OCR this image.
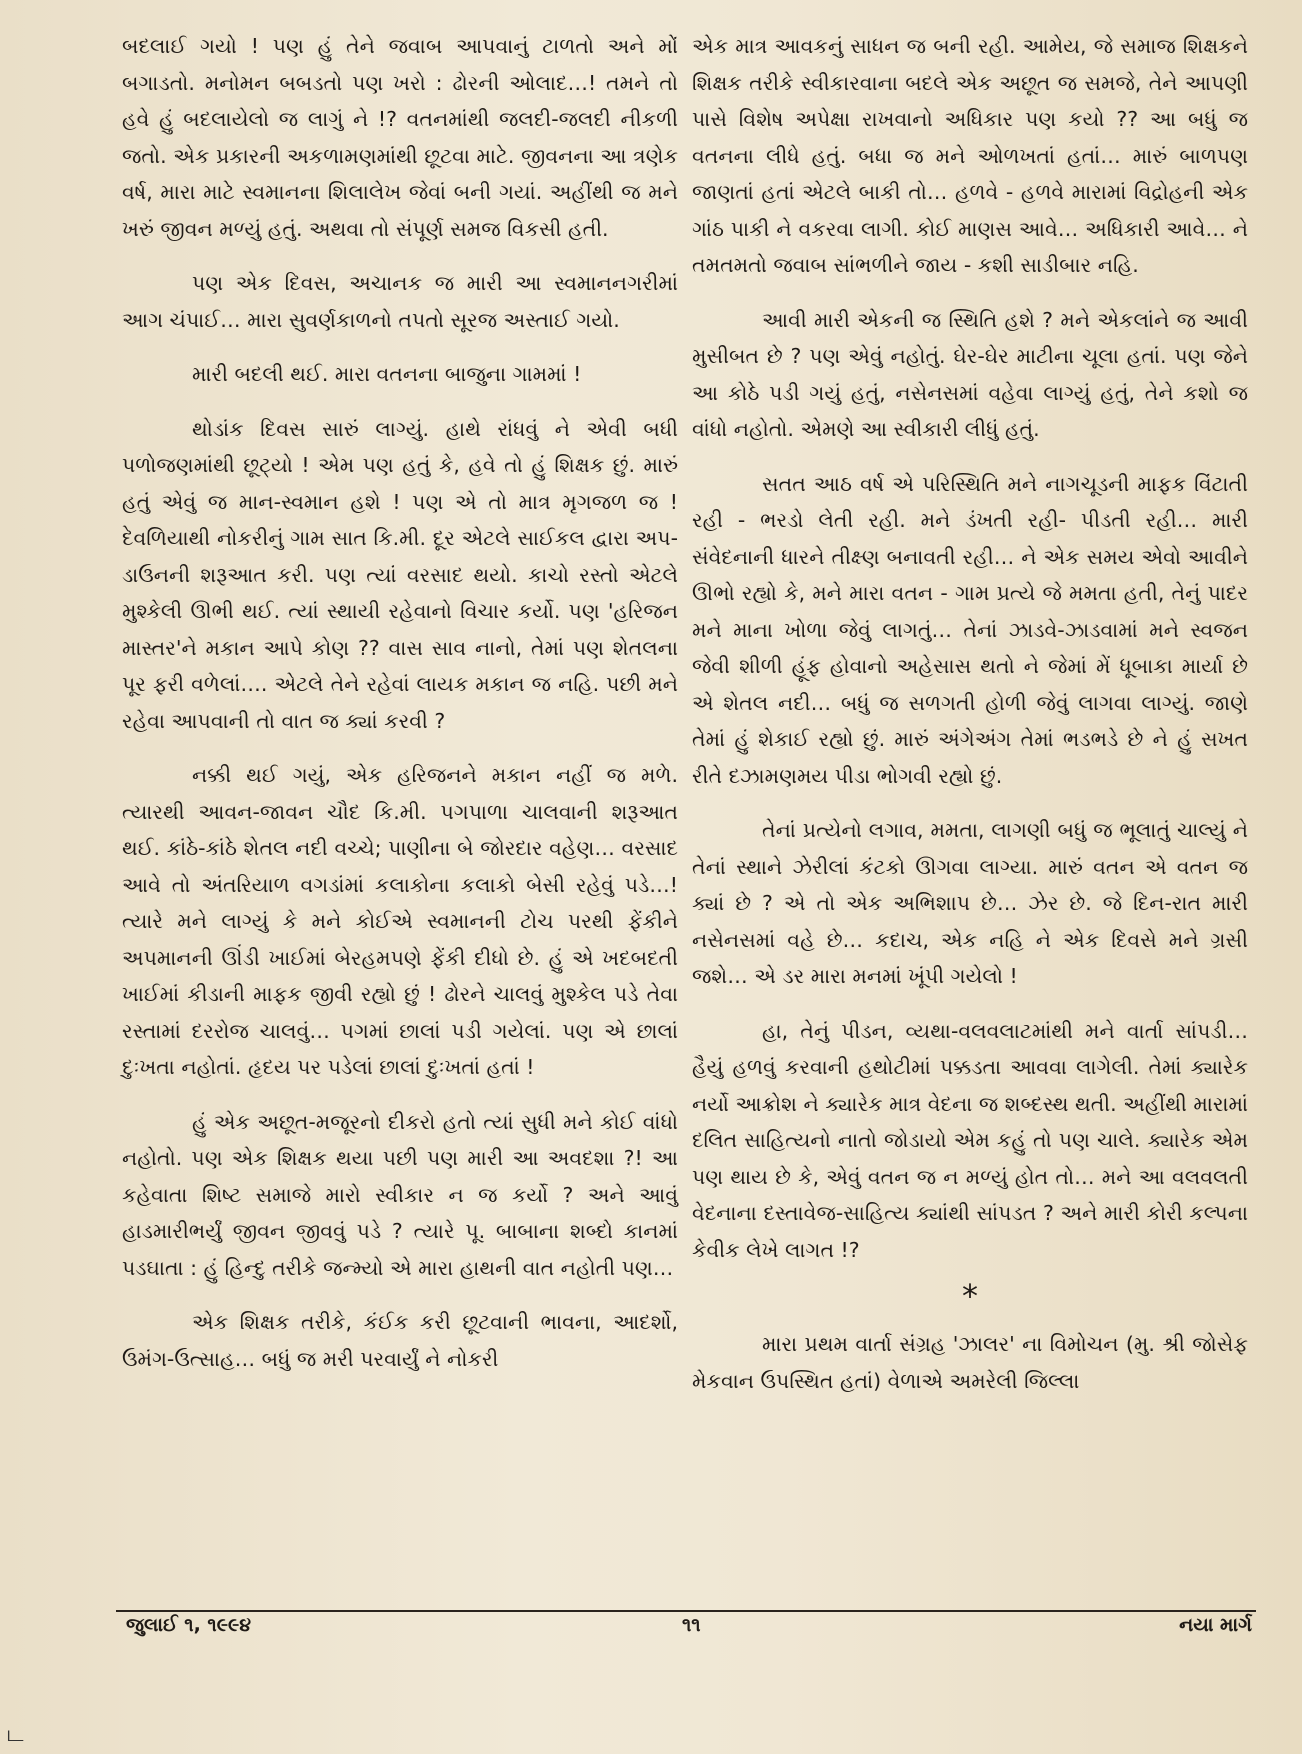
બદલાઈ ગયો ! પણ હું તેને જવાબ આપવાનું ટાળતો અને મોં બગાડતો. મનોમન બબડતો પણ ખરો : ઢોરની ઓલાદ…! તમને તો હવે હું બદલાયેલો જ લાગું ને !? વતનમાંથી જલદી-જલદી નીકળી જતો. એક પ્રકારની અકળામણમાંથી છૂટવા માટે. જીવનના આ ત્રણેક વર્ષ, મારા માટે સ્વમાનના શિલાલેખ જેવાં બની ગયાં. અહીંથી જ મને ખરું જીવન મળ્યું હતું. અથવા તો સંપૂર્ણ સમજ વિકસી હતી.

પણ એક દિવસ, અચાનક જ મારી આ સ્વમાનનગરીમાં આગ ચંપાઈ… મારા સુવર્ણકાળનો તપતો સૂરજ અસ્તાઈ ગયો.

મારી બદલી થઈ. મારા વતનના બાજુના ગામમાં !

થોડાંક દિવસ સારું લાગ્યું. હાથે રાંધવું ને એવી બધી પળોજણમાંથી છૂટ્યો ! એમ પણ હતું કે, હવે તો હું શિક્ષક છું. મારું હતું એવું જ માન-સ્વમાન હશે ! પણ એ તો માત્ર મૃગજળ જ ! દેવળિયાથી નોકરીનું ગામ સાત કિ.મી. દૂર એટલે સાઈકલ દ્વારા અપ-ડાઉનની શરૂઆત કરી. પણ ત્યાં વરસાદ થયો. કાચો રસ્તો એટલે મુશ્કેલી ઊભી થઈ. ત્યાં સ્થાયી રહેવાનો વિચાર કર્યો. પણ 'હરિજન માસ્તર'ને મકાન આપે કોણ ?? વાસ સાવ નાનો, તેમાં પણ શેતલના પૂર ફરી વળેલાં…. એટલે તેને રહેવાં લાયક મકાન જ નહિ. પછી મને રહેવા આપવાની તો વાત જ ક્યાં કરવી ?

નક્કી થઈ ગયું, એક હરિજનને મકાન નહીં જ મળે. ત્યારથી આવન-જાવન ચૌદ કિ.મી. પગપાળા ચાલવાની શરૂઆત થઈ. કાંઠે-કાંઠે શેતલ નદી વચ્ચે; પાણીના બે જોરદાર વહેણ… વરસાદ આવે તો અંતરિયાળ વગડાંમાં કલાકોના કલાકો બેસી રહેવું પડે…! ત્યારે મને લાગ્યું કે મને કોઈએ સ્વમાનની ટોચ પરથી ફેંકીને અપમાનની ઊંડી ખાઈમાં બેરહમપણે ફેંકી દીધો છે. હું એ ખદબદતી ખાઈમાં કીડાની માફક જીવી રહ્યો છું ! ઢોરને ચાલવું મુશ્કેલ પડે તેવા રસ્તામાં દરરોજ ચાલવું… પગમાં છાલાં પડી ગયેલાં. પણ એ છાલાં દુઃખતા નહોતાં. હૃદય પર પડેલાં છાલાં દુઃખતાં હતાં !

હું એક અછૂત-મજૂરનો દીકરો હતો ત્યાં સુધી મને કોઈ વાંધો નહોતો. પણ એક શિક્ષક થયા પછી પણ મારી આ અવદશા ?! આ કહેવાતા શિષ્ટ સમાજે મારો સ્વીકાર ન જ કર્યો ? અને આવું હાડમારીભર્યું જીવન જીવવું પડે ? ત્યારે પૂ. બાબાના શબ્દો કાનમાં પડઘાતા : હું હિન્દુ તરીકે જન્મ્યો એ મારા હાથની વાત નહોતી પણ…

એક શિક્ષક તરીકે, કંઈક કરી છૂટવાની ભાવના, આદર્શો, ઉમંગ-ઉત્સાહ… બધું જ મરી પરવાર્યું ને નોકરી

એક માત્ર આવકનું સાધન જ બની રહી. આમેય, જે સમાજ શિક્ષકને શિક્ષક તરીકે સ્વીકારવાના બદલે એક અછૂત જ સમજે, તેને આપણી પાસે વિશેષ અપેક્ષા રાખવાનો અધિકાર પણ કયો ?? આ બધું જ વતનના લીધે હતું. બધા જ મને ઓળખતાં હતાં… મારું બાળપણ જાણતાં હતાં એટલે બાકી તો… હળવે - હળવે મારામાં વિદ્રોહની એક ગાંઠ પાકી ને વકરવા લાગી. કોઈ માણસ આવે… અધિકારી આવે… ને તમતમતો જવાબ સાંભળીને જાય - કશી સાડીબાર નહિ.

આવી મારી એકની જ સ્થિતિ હશે ? મને એકલાંને જ આવી મુસીબત છે ? પણ એવું નહોતું. ઘેર-ઘેર માટીના ચૂલા હતાં. પણ જેને આ કોઠે પડી ગયું હતું, નસેનસમાં વહેવા લાગ્યું હતું, તેને કશો જ વાંધો નહોતો. એમણે આ સ્વીકારી લીધું હતું.

સતત આઠ વર્ષ એ પરિસ્થિતિ મને નાગચૂડની માફક વિંટાતી રહી - ભરડો લેતી રહી. મને ડંખતી રહી- પીડતી રહી… મારી સંવેદનાની ધારને તીક્ષ્ણ બનાવતી રહી… ને એક સમય એવો આવીને ઊભો રહ્યો કે, મને મારા વતન - ગામ પ્રત્યે જે મમતા હતી, તેનું પાદર મને માના ખોળા જેવું લાગતું… તેનાં ઝાડવે-ઝાડવામાં મને સ્વજન જેવી શીળી હૂંફ હોવાનો અહેસાસ થતો ને જેમાં મેં ધૂબાકા માર્યા છે એ શેતલ નદી… બધું જ સળગતી હોળી જેવું લાગવા લાગ્યું. જાણે તેમાં હું શેકાઈ રહ્યો છું. મારું અંગેઅંગ તેમાં ભડભડે છે ને હું સખત રીતે દઝામણમય પીડા ભોગવી રહ્યો છું.

તેનાં પ્રત્યેનો લગાવ, મમતા, લાગણી બધું જ ભૂલાતું ચાલ્યું ને તેનાં સ્થાને ઝેરીલાં કંટકો ઊગવા લાગ્યા. મારું વતન એ વતન જ ક્યાં છે ? એ તો એક અભિશાપ છે… ઝેર છે. જે દિન-રાત મારી નસેનસમાં વહે છે… કદાચ, એક નહિ ને એક દિવસે મને ગ્રસી જશે… એ ડર મારા મનમાં ખૂંપી ગયેલો !

હા, તેનું પીડન, વ્યથા-વલવલાટમાંથી મને વાર્તા સાંપડી… હૈયું હળવું કરવાની હથોટીમાં પક્કડતા આવવા લાગેલી. તેમાં ક્યારેક નર્યો આક્રોશ ને ક્યારેક માત્ર વેદના જ શબ્દસ્થ થતી. અહીંથી મારામાં દલિત સાહિત્યનો નાતો જોડાયો એમ કહું તો પણ ચાલે. ક્યારેક એમ પણ થાય છે કે, એવું વતન જ ન મળ્યું હોત તો… મને આ વલવલતી વેદનાના દસ્તાવેજ-સાહિત્ય ક્યાંથી સાંપડત ? અને મારી કોરી કલ્પના કેવીક લેખે લાગત !?

*

મારા પ્રથમ વાર્તા સંગ્રહ 'ઝાલર' ના વિમોચન (મુ. શ્રી જોસેફ મેકવાન ઉપસ્થિત હતાં) વેળાએ અમરેલી જિલ્લા

જુલાઈ ૧, ૧૯૯૪	૧૧	નયા માર્ગ
ட
